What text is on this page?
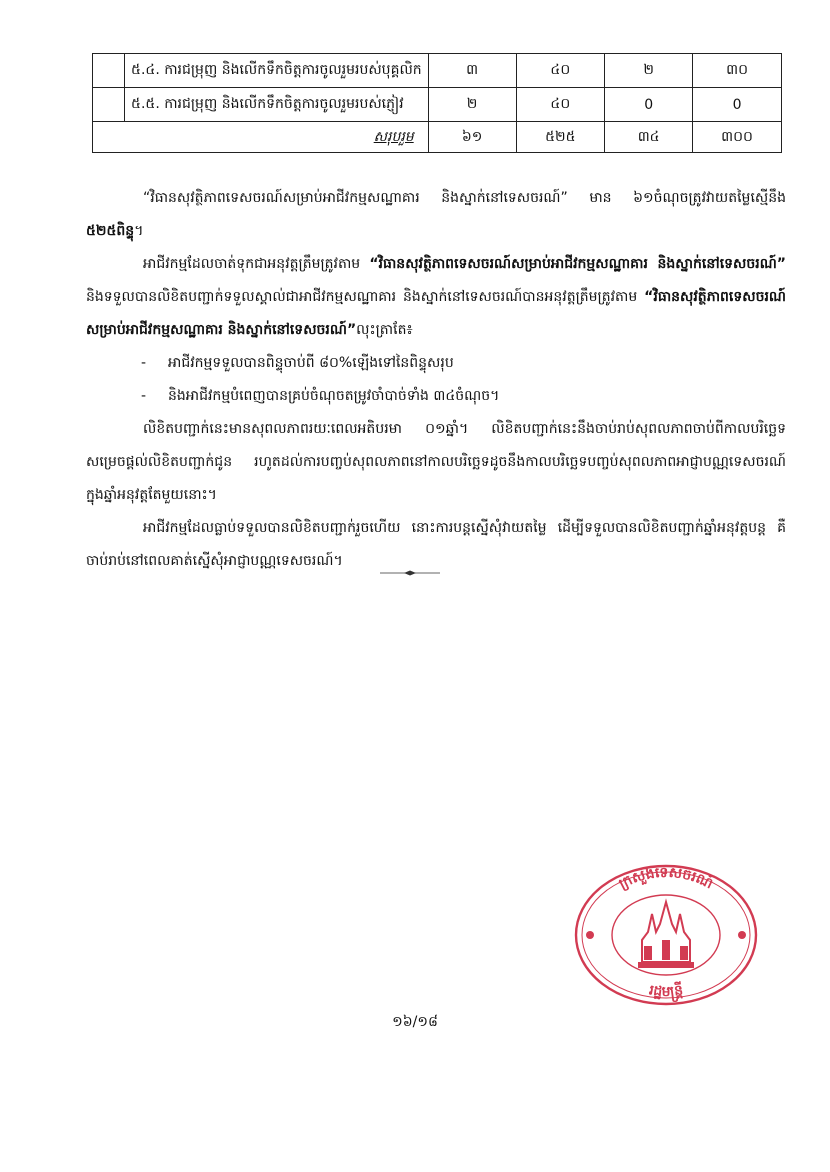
	៥.៤. ការជម្រុញ និងលើកទឹកចិត្តការចូលរួមរបស់បុគ្គលិក	៣	៤០	២	៣០
	៥.៥. ការជម្រុញ និងលើកទឹកចិត្តការចូលរួមរបស់ភ្ញៀវ	២	៤០	0	0
សរុបរួម		៦១	៥២៥	៣៤	៣០០

“វិធានសុវត្ថិភាពទេសចរណ៍សម្រាប់អាជីវកម្មសណ្ឋាគារ និងស្នាក់នៅទេសចរណ៍” មាន ៦១ចំណុចត្រូវវាយតម្លៃស្មើនឹង ៥២៥ពិន្ទុ។

អាជីវកម្មដែលចាត់ទុកជាអនុវត្តត្រឹមត្រូវតាម “វិធានសុវត្ថិភាពទេសចរណ៍សម្រាប់អាជីវកម្មសណ្ឋាគារ និងស្នាក់នៅទេសចរណ៍” និងទទួលបានលិខិតបញ្ជាក់ទទួលស្គាល់ជាអាជីវកម្មសណ្ឋាគារ និងស្នាក់នៅទេសចរណ៍បានអនុវត្តត្រឹមត្រូវតាម “វិធានសុវត្ថិភាពទេសចរណ៍សម្រាប់អាជីវកម្មសណ្ឋាគារ និងស្នាក់នៅទេសចរណ៍”លុះត្រាតែ៖

- អាជីវកម្មទទួលបានពិន្ទុចាប់ពី ៨០%ឡើងទៅនៃពិន្ទុសរុប

- និងអាជីវកម្មបំពេញបានគ្រប់ចំណុចតម្រូវចាំបាច់ទាំង ៣៤ចំណុច។

លិខិតបញ្ជាក់នេះមានសុពលភាពរយៈពេលអតិបរមា ០១ឆ្នាំ។ លិខិតបញ្ជាក់នេះនឹងចាប់រាប់សុពលភាពចាប់ពីកាលបរិច្ឆេទសម្រេចផ្តល់លិខិតបញ្ជាក់ជូន រហូតដល់ការបញ្ចប់សុពលភាពនៅកាលបរិច្ឆេទដូចនឹងកាលបរិច្ឆេទបញ្ចប់សុពលភាពអាជ្ញាបណ្ណទេសចរណ៍ក្នុងឆ្នាំអនុវត្តតែមួយនោះ។

អាជីវកម្មដែលធ្លាប់ទទួលបានលិខិតបញ្ជាក់រួចហើយ នោះការបន្តស្នើសុំវាយតម្លៃ ដើម្បីទទួលបានលិខិតបញ្ជាក់ឆ្នាំអនុវត្តបន្ត គឺចាប់រាប់នៅពេលគាត់ស្នើសុំអាជ្ញាបណ្ណទេសចរណ៍។

ក្រសួងទេសចរណ៍
រដ្ឋមន្ត្រី
១៦/១៨
